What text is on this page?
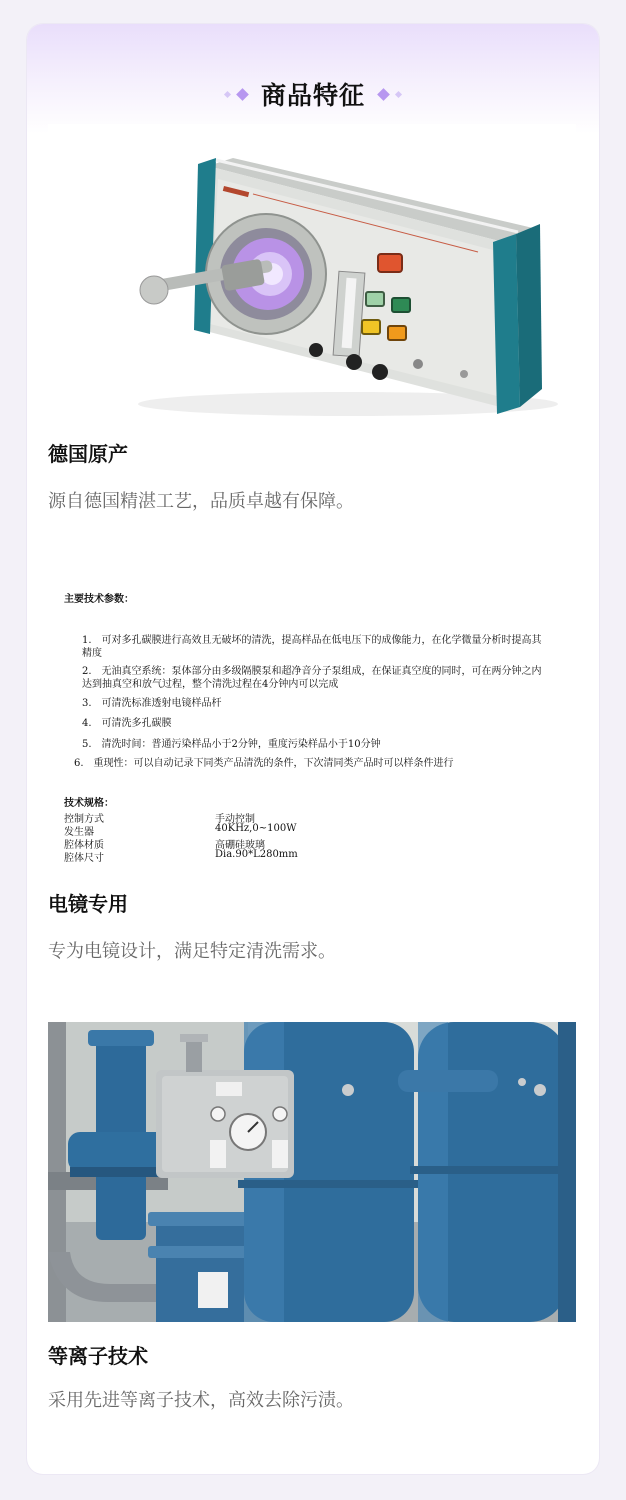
商品特征
德国原产
源自德国精湛工艺，品质卓越有保障。
主要技术参数：
1.　可对多孔碳膜进行高效且无破坏的清洗，提高样品在低电压下的成像能力，在化学微量分析时提高其
精度
2.　无油真空系统：泵体部分由多级隔膜泵和超净音分子泵组成，在保证真空度的同时，可在两分钟之内
达到抽真空和放气过程，整个清洗过程在4分钟内可以完成
3.　可清洗标准透射电镜样品杆
4.　可清洗多孔碳膜
5.　清洗时间：普通污染样品小于2分钟，重度污染样品小于10分钟
6.　重现性：可以自动记录下同类产品清洗的条件，下次清同类产品时可以样条件进行
技术规格：
控制方式	手动控制
发生器	40KHz,0~100W
腔体材质	高硼硅玻璃
腔体尺寸	Dia.90*L280mm
电镜专用
专为电镜设计，满足特定清洗需求。
等离子技术
采用先进等离子技术，高效去除污渍。
